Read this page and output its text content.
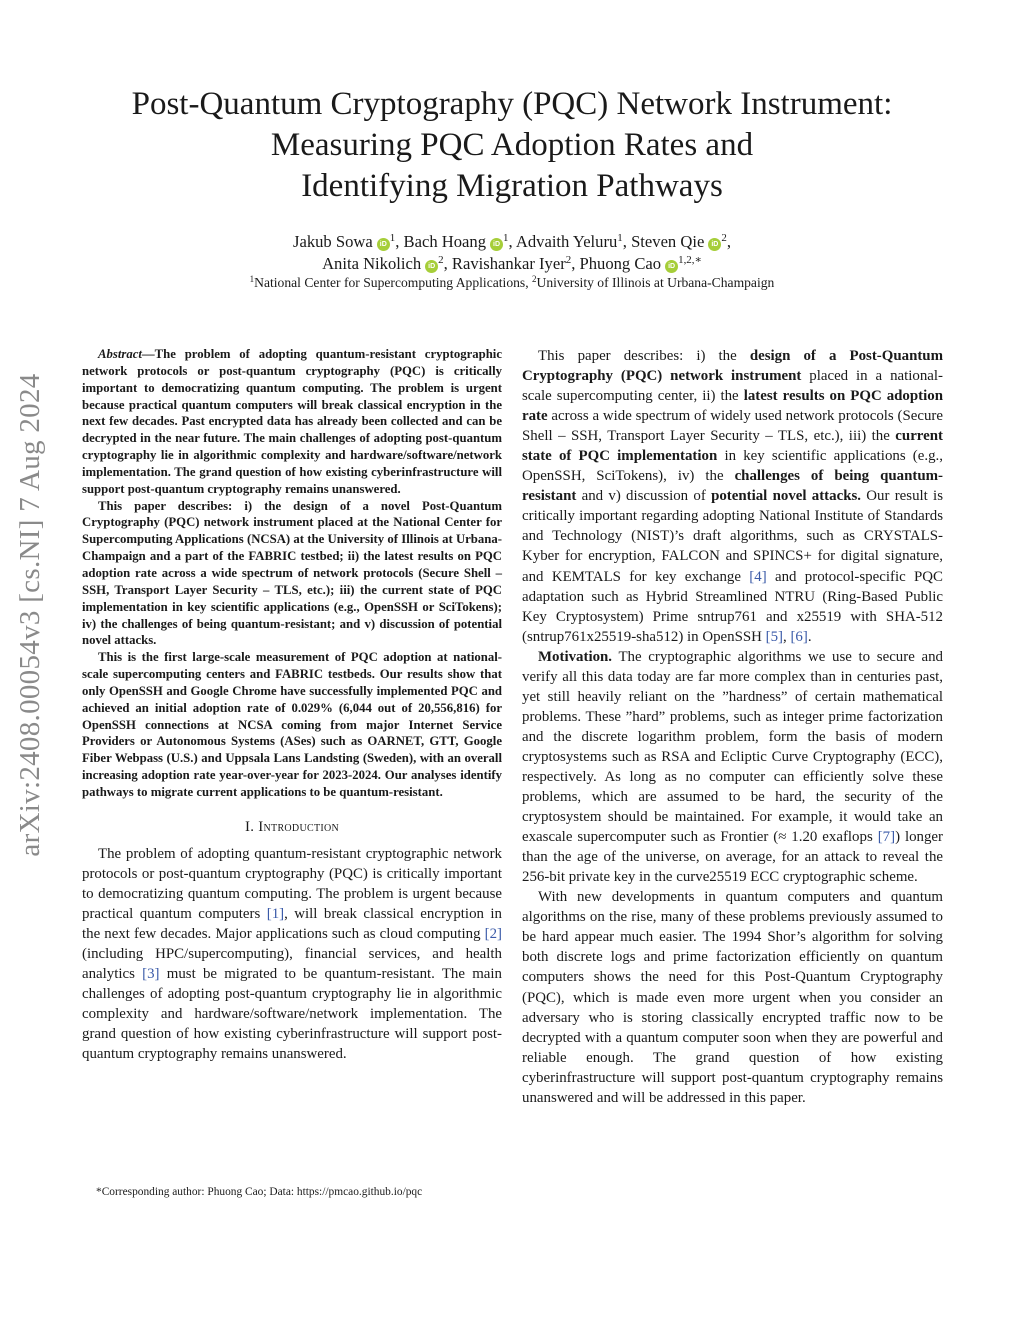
arXiv:2408.00054v3 [cs.NI] 7 Aug 2024
Post-Quantum Cryptography (PQC) Network Instrument:
Measuring PQC Adoption Rates and
Identifying Migration Pathways
Jakub Sowa $iD^1$, Bach Hoang $iD^1$, Advaith Yeluru$^1$, Steven Qie $iD^2$,
Anita Nikolich $iD^2$, Ravishankar Iyer$^2$, Phuong Cao $iD^{1,2,∗}$
$^1$National Center for Supercomputing Applications, $^2$University of Illinois at Urbana-Champaign

Abstract—The problem of adopting quantum-resistant cryptographic network protocols or post-quantum cryptography (PQC) is critically important to democratizing quantum computing. The problem is urgent because practical quantum computers will break classical encryption in the next few decades. Past encrypted data has already been collected and can be decrypted in the near future. The main challenges of adopting post-quantum cryptography lie in algorithmic complexity and hardware/software/network implementation. The grand question of how existing cyberinfrastructure will support post-quantum cryptography remains unanswered.

This paper describes: i) the design of a novel Post-Quantum Cryptography (PQC) network instrument placed at the National Center for Supercomputing Applications (NCSA) at the University of Illinois at Urbana-Champaign and a part of the FABRIC testbed; ii) the latest results on PQC adoption rate across a wide spectrum of network protocols (Secure Shell – SSH, Transport Layer Security – TLS, etc.); iii) the current state of PQC implementation in key scientific applications (e.g., OpenSSH or SciTokens); iv) the challenges of being quantum-resistant; and v) discussion of potential novel attacks.

This is the first large-scale measurement of PQC adoption at national-scale supercomputing centers and FABRIC testbeds. Our results show that only OpenSSH and Google Chrome have successfully implemented PQC and achieved an initial adoption rate of 0.029% (6,044 out of 20,556,816) for OpenSSH connections at NCSA coming from major Internet Service Providers or Autonomous Systems (ASes) such as OARNET, GTT, Google Fiber Webpass (U.S.) and Uppsala Lans Landsting (Sweden), with an overall increasing adoption rate year-over-year for 2023-2024. Our analyses identify pathways to migrate current applications to be quantum-resistant.

I. Introduction

The problem of adopting quantum-resistant cryptographic network protocols or post-quantum cryptography (PQC) is critically important to democratizing quantum computing. The problem is urgent because practical quantum computers [1], will break classical encryption in the next few decades. Major applications such as cloud computing [2] (including HPC/supercomputing), financial services, and health analytics [3] must be migrated to be quantum-resistant. The main challenges of adopting post-quantum cryptography lie in algorithmic complexity and hardware/software/network implementation. The grand question of how existing cyberinfrastructure will support post-quantum cryptography remains unanswered.

*Corresponding author: Phuong Cao; Data: https://pmcao.github.io/pqc

This paper describes: i) the design of a Post-Quantum Cryptography (PQC) network instrument placed in a national-scale supercomputing center, ii) the latest results on PQC adoption rate across a wide spectrum of widely used network protocols (Secure Shell – SSH, Transport Layer Security – TLS, etc.), iii) the current state of PQC implementation in key scientific applications (e.g., OpenSSH, SciTokens), iv) the challenges of being quantum-resistant and v) discussion of potential novel attacks. Our result is critically important regarding adopting National Institute of Standards and Technology (NIST)’s draft algorithms, such as CRYSTALS-Kyber for encryption, FALCON and SPINCS+ for digital signature, and KEMTALS for key exchange [4] and protocol-specific PQC adaptation such as Hybrid Streamlined NTRU (Ring-Based Public Key Cryptosystem) Prime sntrup761 and x25519 with SHA-512 (sntrup761x25519-sha512) in OpenSSH [5], [6].

Motivation. The cryptographic algorithms we use to secure and verify all this data today are far more complex than in centuries past, yet still heavily reliant on the ”hardness” of certain mathematical problems. These ”hard” problems, such as integer prime factorization and the discrete logarithm problem, form the basis of modern cryptosystems such as RSA and Ecliptic Curve Cryptography (ECC), respectively. As long as no computer can efficiently solve these problems, which are assumed to be hard, the security of the cryptosystem should be maintained. For example, it would take an exascale supercomputer such as Frontier (≈ 1.20 exaflops [7]) longer than the age of the universe, on average, for an attack to reveal the 256-bit private key in the curve25519 ECC cryptographic scheme.

With new developments in quantum computers and quantum algorithms on the rise, many of these problems previously assumed to be hard appear much easier. The 1994 Shor’s algorithm for solving both discrete logs and prime factorization efficiently on quantum computers shows the need for this Post-Quantum Cryptography (PQC), which is made even more urgent when you consider an adversary who is storing classically encrypted traffic now to be decrypted with a quantum computer soon when they are powerful and reliable enough. The grand question of how existing cyberinfrastructure will support post-quantum cryptography remains unanswered and will be addressed in this paper.
